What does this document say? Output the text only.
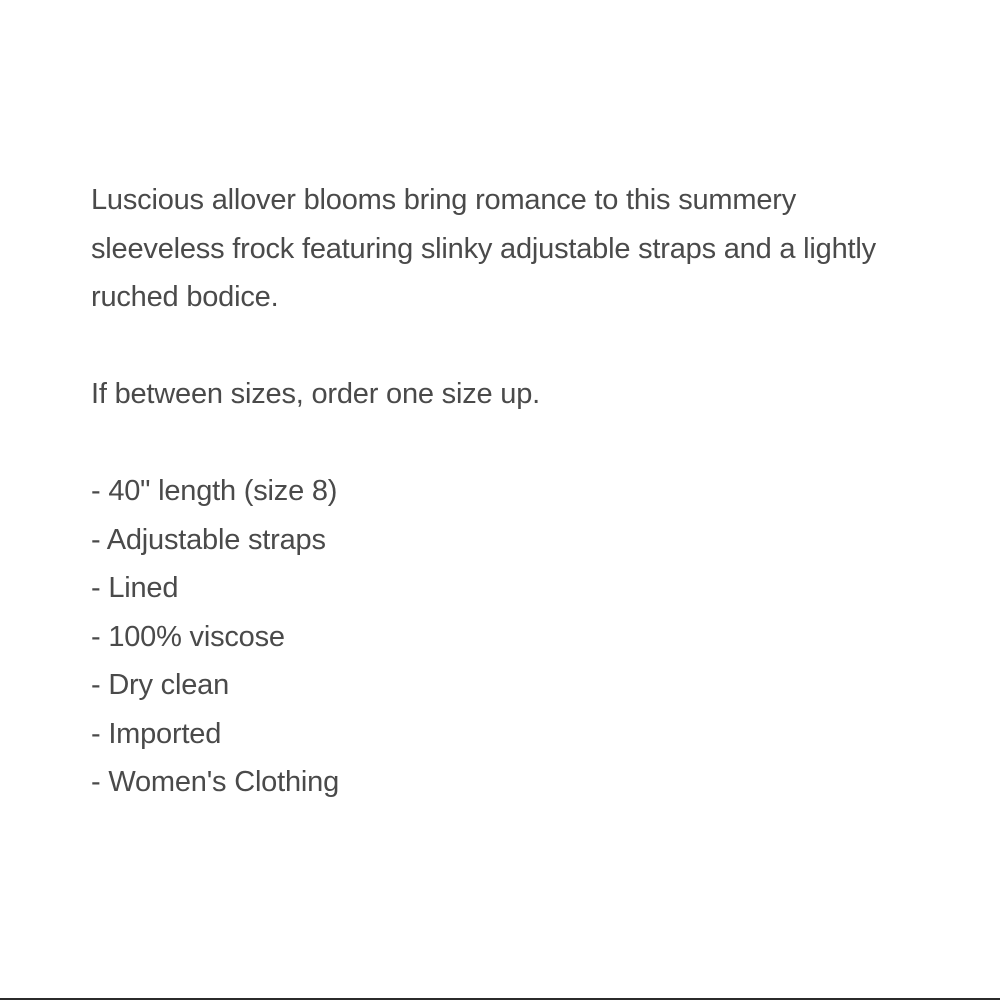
Luscious allover blooms bring romance to this summery sleeveless frock featuring slinky adjustable straps and a lightly ruched bodice.

If between sizes, order one size up.

- 40" length (size 8)
- Adjustable straps
- Lined
- 100% viscose
- Dry clean
- Imported
- Women's Clothing
